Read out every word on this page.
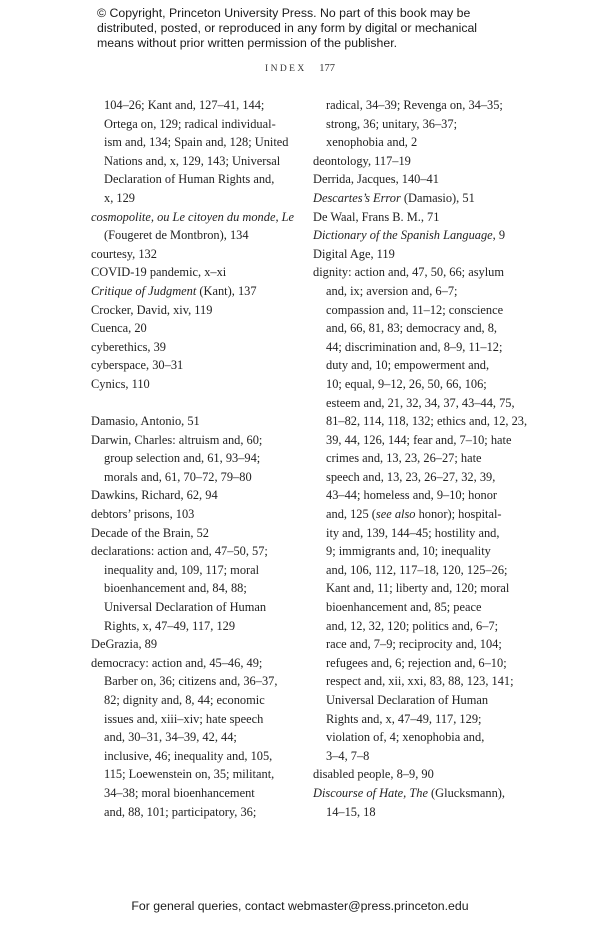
© Copyright, Princeton University Press. No part of this book may be
distributed, posted, or reproduced in any form by digital or mechanical
means without prior written permission of the publisher.
INDEX 177
104–26; Kant and, 127–41, 144;
Ortega on, 129; radical individual-
ism and, 134; Spain and, 128; United
Nations and, x, 129, 143; Universal
Declaration of Human Rights and,
x, 129
cosmopolite, ou Le citoyen du monde, Le
(Fougeret de Montbron), 134
courtesy, 132
COVID-19 pandemic, x–xi
Critique of Judgment (Kant), 137
Crocker, David, xiv, 119
Cuenca, 20
cyberethics, 39
cyberspace, 30–31
Cynics, 110
Damasio, Antonio, 51
Darwin, Charles: altruism and, 60;
group selection and, 61, 93–94;
morals and, 61, 70–72, 79–80
Dawkins, Richard, 62, 94
debtors’ prisons, 103
Decade of the Brain, 52
declarations: action and, 47–50, 57;
inequality and, 109, 117; moral
bioenhancement and, 84, 88;
Universal Declaration of Human
Rights, x, 47–49, 117, 129
DeGrazia, 89
democracy: action and, 45–46, 49;
Barber on, 36; citizens and, 36–37,
82; dignity and, 8, 44; economic
issues and, xiii–xiv; hate speech
and, 30–31, 34–39, 42, 44;
inclusive, 46; inequality and, 105,
115; Loewenstein on, 35; militant,
34–38; moral bioenhancement
and, 88, 101; participatory, 36;
radical, 34–39; Revenga on, 34–35;
strong, 36; unitary, 36–37;
xenophobia and, 2
deontology, 117–19
Derrida, Jacques, 140–41
Descartes’s Error (Damasio), 51
De Waal, Frans B. M., 71
Dictionary of the Spanish Language, 9
Digital Age, 119
dignity: action and, 47, 50, 66; asylum
and, ix; aversion and, 6–7;
compassion and, 11–12; conscience
and, 66, 81, 83; democracy and, 8,
44; discrimination and, 8–9, 11–12;
duty and, 10; empowerment and,
10; equal, 9–12, 26, 50, 66, 106;
esteem and, 21, 32, 34, 37, 43–44, 75,
81–82, 114, 118, 132; ethics and, 12, 23,
39, 44, 126, 144; fear and, 7–10; hate
crimes and, 13, 23, 26–27; hate
speech and, 13, 23, 26–27, 32, 39,
43–44; homeless and, 9–10; honor
and, 125 (see also honor); hospital-
ity and, 139, 144–45; hostility and,
9; immigrants and, 10; inequality
and, 106, 112, 117–18, 120, 125–26;
Kant and, 11; liberty and, 120; moral
bioenhancement and, 85; peace
and, 12, 32, 120; politics and, 6–7;
race and, 7–9; reciprocity and, 104;
refugees and, 6; rejection and, 6–10;
respect and, xii, xxi, 83, 88, 123, 141;
Universal Declaration of Human
Rights and, x, 47–49, 117, 129;
violation of, 4; xenophobia and,
3–4, 7–8
disabled people, 8–9, 90
Discourse of Hate, The (Glucksmann),
14–15, 18
For general queries, contact webmaster@press.princeton.edu
